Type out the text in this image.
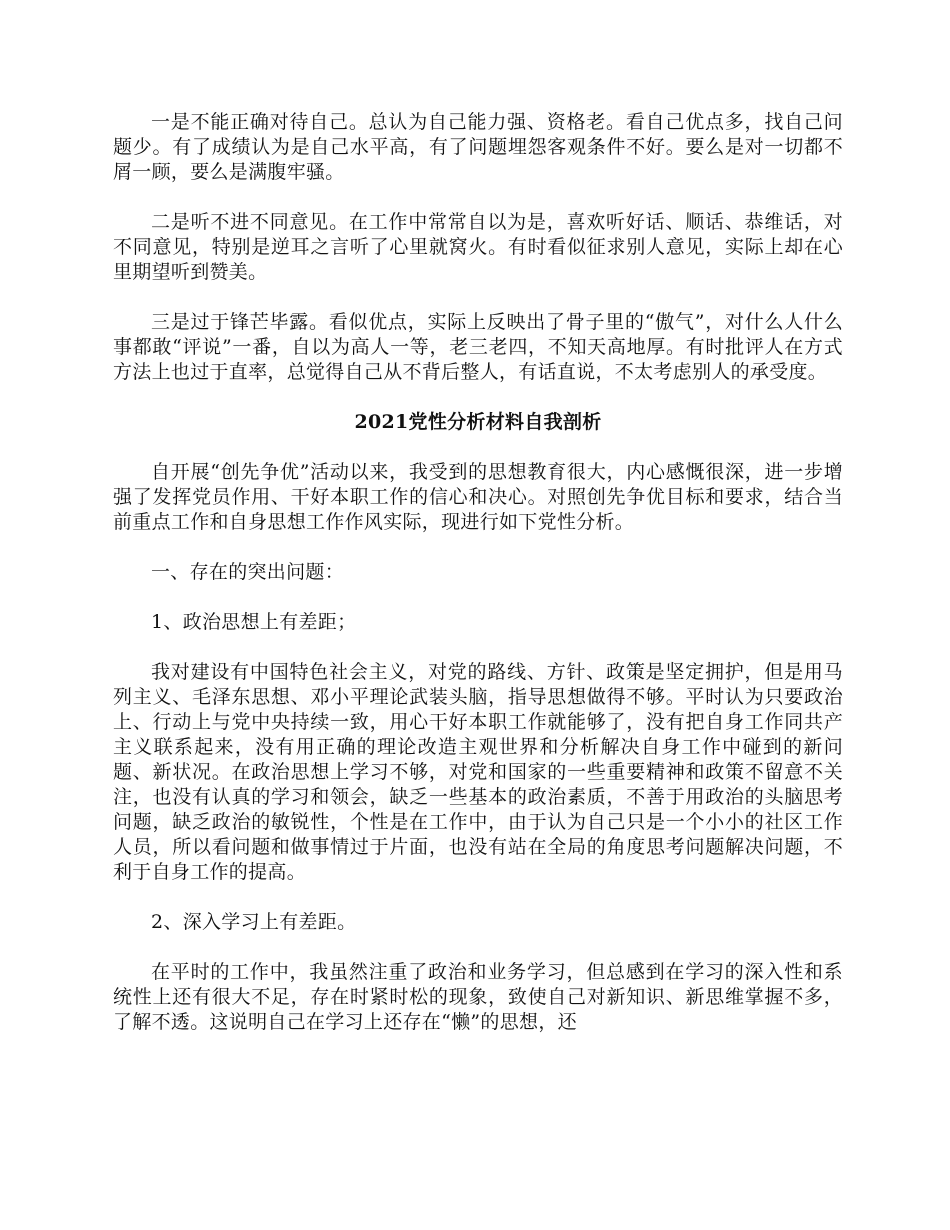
一是不能正确对待自己。总认为自己能力强、资格老。看自己优点多，找自己问题少。有了成绩认为是自己水平高，有了问题埋怨客观条件不好。要么是对一切都不屑一顾，要么是满腹牢骚。

二是听不进不同意见。在工作中常常自以为是，喜欢听好话、顺话、恭维话，对不同意见，特别是逆耳之言听了心里就窝火。有时看似征求别人意见，实际上却在心里期望听到赞美。

三是过于锋芒毕露。看似优点，实际上反映出了骨子里的“傲气”，对什么人什么事都敢“评说”一番，自以为高人一等，老三老四，不知天高地厚。有时批评人在方式方法上也过于直率，总觉得自己从不背后整人，有话直说，不太考虑别人的承受度。

2021党性分析材料自我剖析

自开展“创先争优”活动以来，我受到的思想教育很大，内心感慨很深，进一步增强了发挥党员作用、干好本职工作的信心和决心。对照创先争优目标和要求，结合当前重点工作和自身思想工作作风实际，现进行如下党性分析。

一、存在的突出问题：

1、政治思想上有差距；

我对建设有中国特色社会主义，对党的路线、方针、政策是坚定拥护，但是用马列主义、毛泽东思想、邓小平理论武装头脑，指导思想做得不够。平时认为只要政治上、行动上与党中央持续一致，用心干好本职工作就能够了，没有把自身工作同共产主义联系起来，没有用正确的理论改造主观世界和分析解决自身工作中碰到的新问题、新状况。在政治思想上学习不够，对党和国家的一些重要精神和政策不留意不关注，也没有认真的学习和领会，缺乏一些基本的政治素质，不善于用政治的头脑思考问题，缺乏政治的敏锐性，个性是在工作中，由于认为自己只是一个小小的社区工作人员，所以看问题和做事情过于片面，也没有站在全局的角度思考问题解决问题，不利于自身工作的提高。

2、深入学习上有差距。

在平时的工作中，我虽然注重了政治和业务学习，但总感到在学习的深入性和系统性上还有很大不足，存在时紧时松的现象，致使自己对新知识、新思维掌握不多，了解不透。这说明自己在学习上还存在“懒”的思想，还
